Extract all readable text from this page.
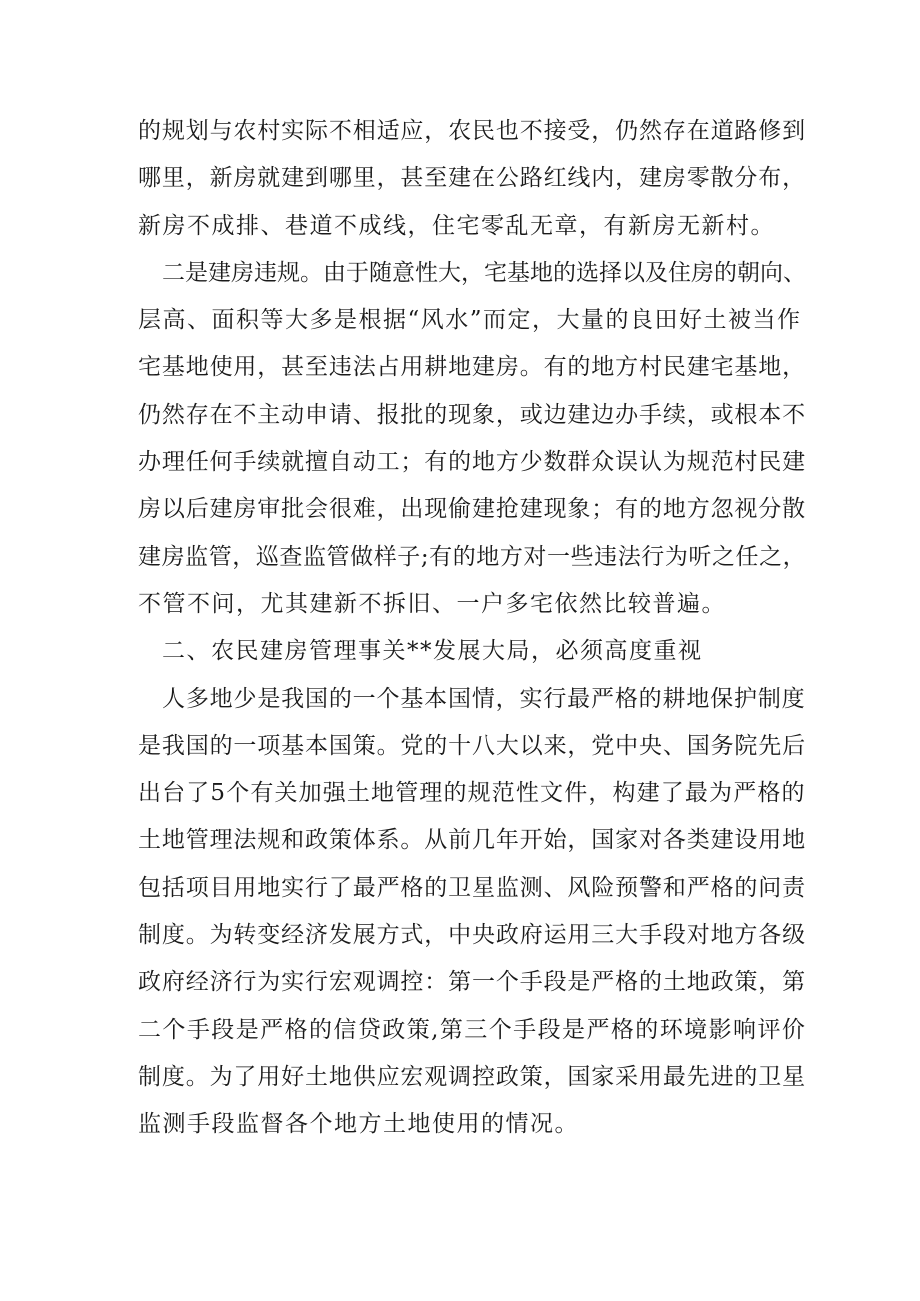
的规划与农村实际不相适应，农民也不接受，仍然存在道路修到
哪里，新房就建到哪里，甚至建在公路红线内，建房零散分布，
新房不成排、巷道不成线，住宅零乱无章，有新房无新村。
二是建房违规。由于随意性大，宅基地的选择以及住房的朝向、
层高、面积等大多是根据“风水”而定，大量的良田好土被当作
宅基地使用，甚至违法占用耕地建房。有的地方村民建宅基地，
仍然存在不主动申请、报批的现象，或边建边办手续，或根本不
办理任何手续就擅自动工；有的地方少数群众误认为规范村民建
房以后建房审批会很难，出现偷建抢建现象；有的地方忽视分散
建房监管，巡查监管做样子;有的地方对一些违法行为听之任之，
不管不问，尤其建新不拆旧、一户多宅依然比较普遍。
二、农民建房管理事关**发展大局，必须高度重视
人多地少是我国的一个基本国情，实行最严格的耕地保护制度
是我国的一项基本国策。党的十八大以来，党中央、国务院先后
出台了5个有关加强土地管理的规范性文件，构建了最为严格的
土地管理法规和政策体系。从前几年开始，国家对各类建设用地
包括项目用地实行了最严格的卫星监测、风险预警和严格的问责
制度。为转变经济发展方式，中央政府运用三大手段对地方各级
政府经济行为实行宏观调控：第一个手段是严格的土地政策，第
二个手段是严格的信贷政策,第三个手段是严格的环境影响评价
制度。为了用好土地供应宏观调控政策，国家采用最先进的卫星
监测手段监督各个地方土地使用的情况。
